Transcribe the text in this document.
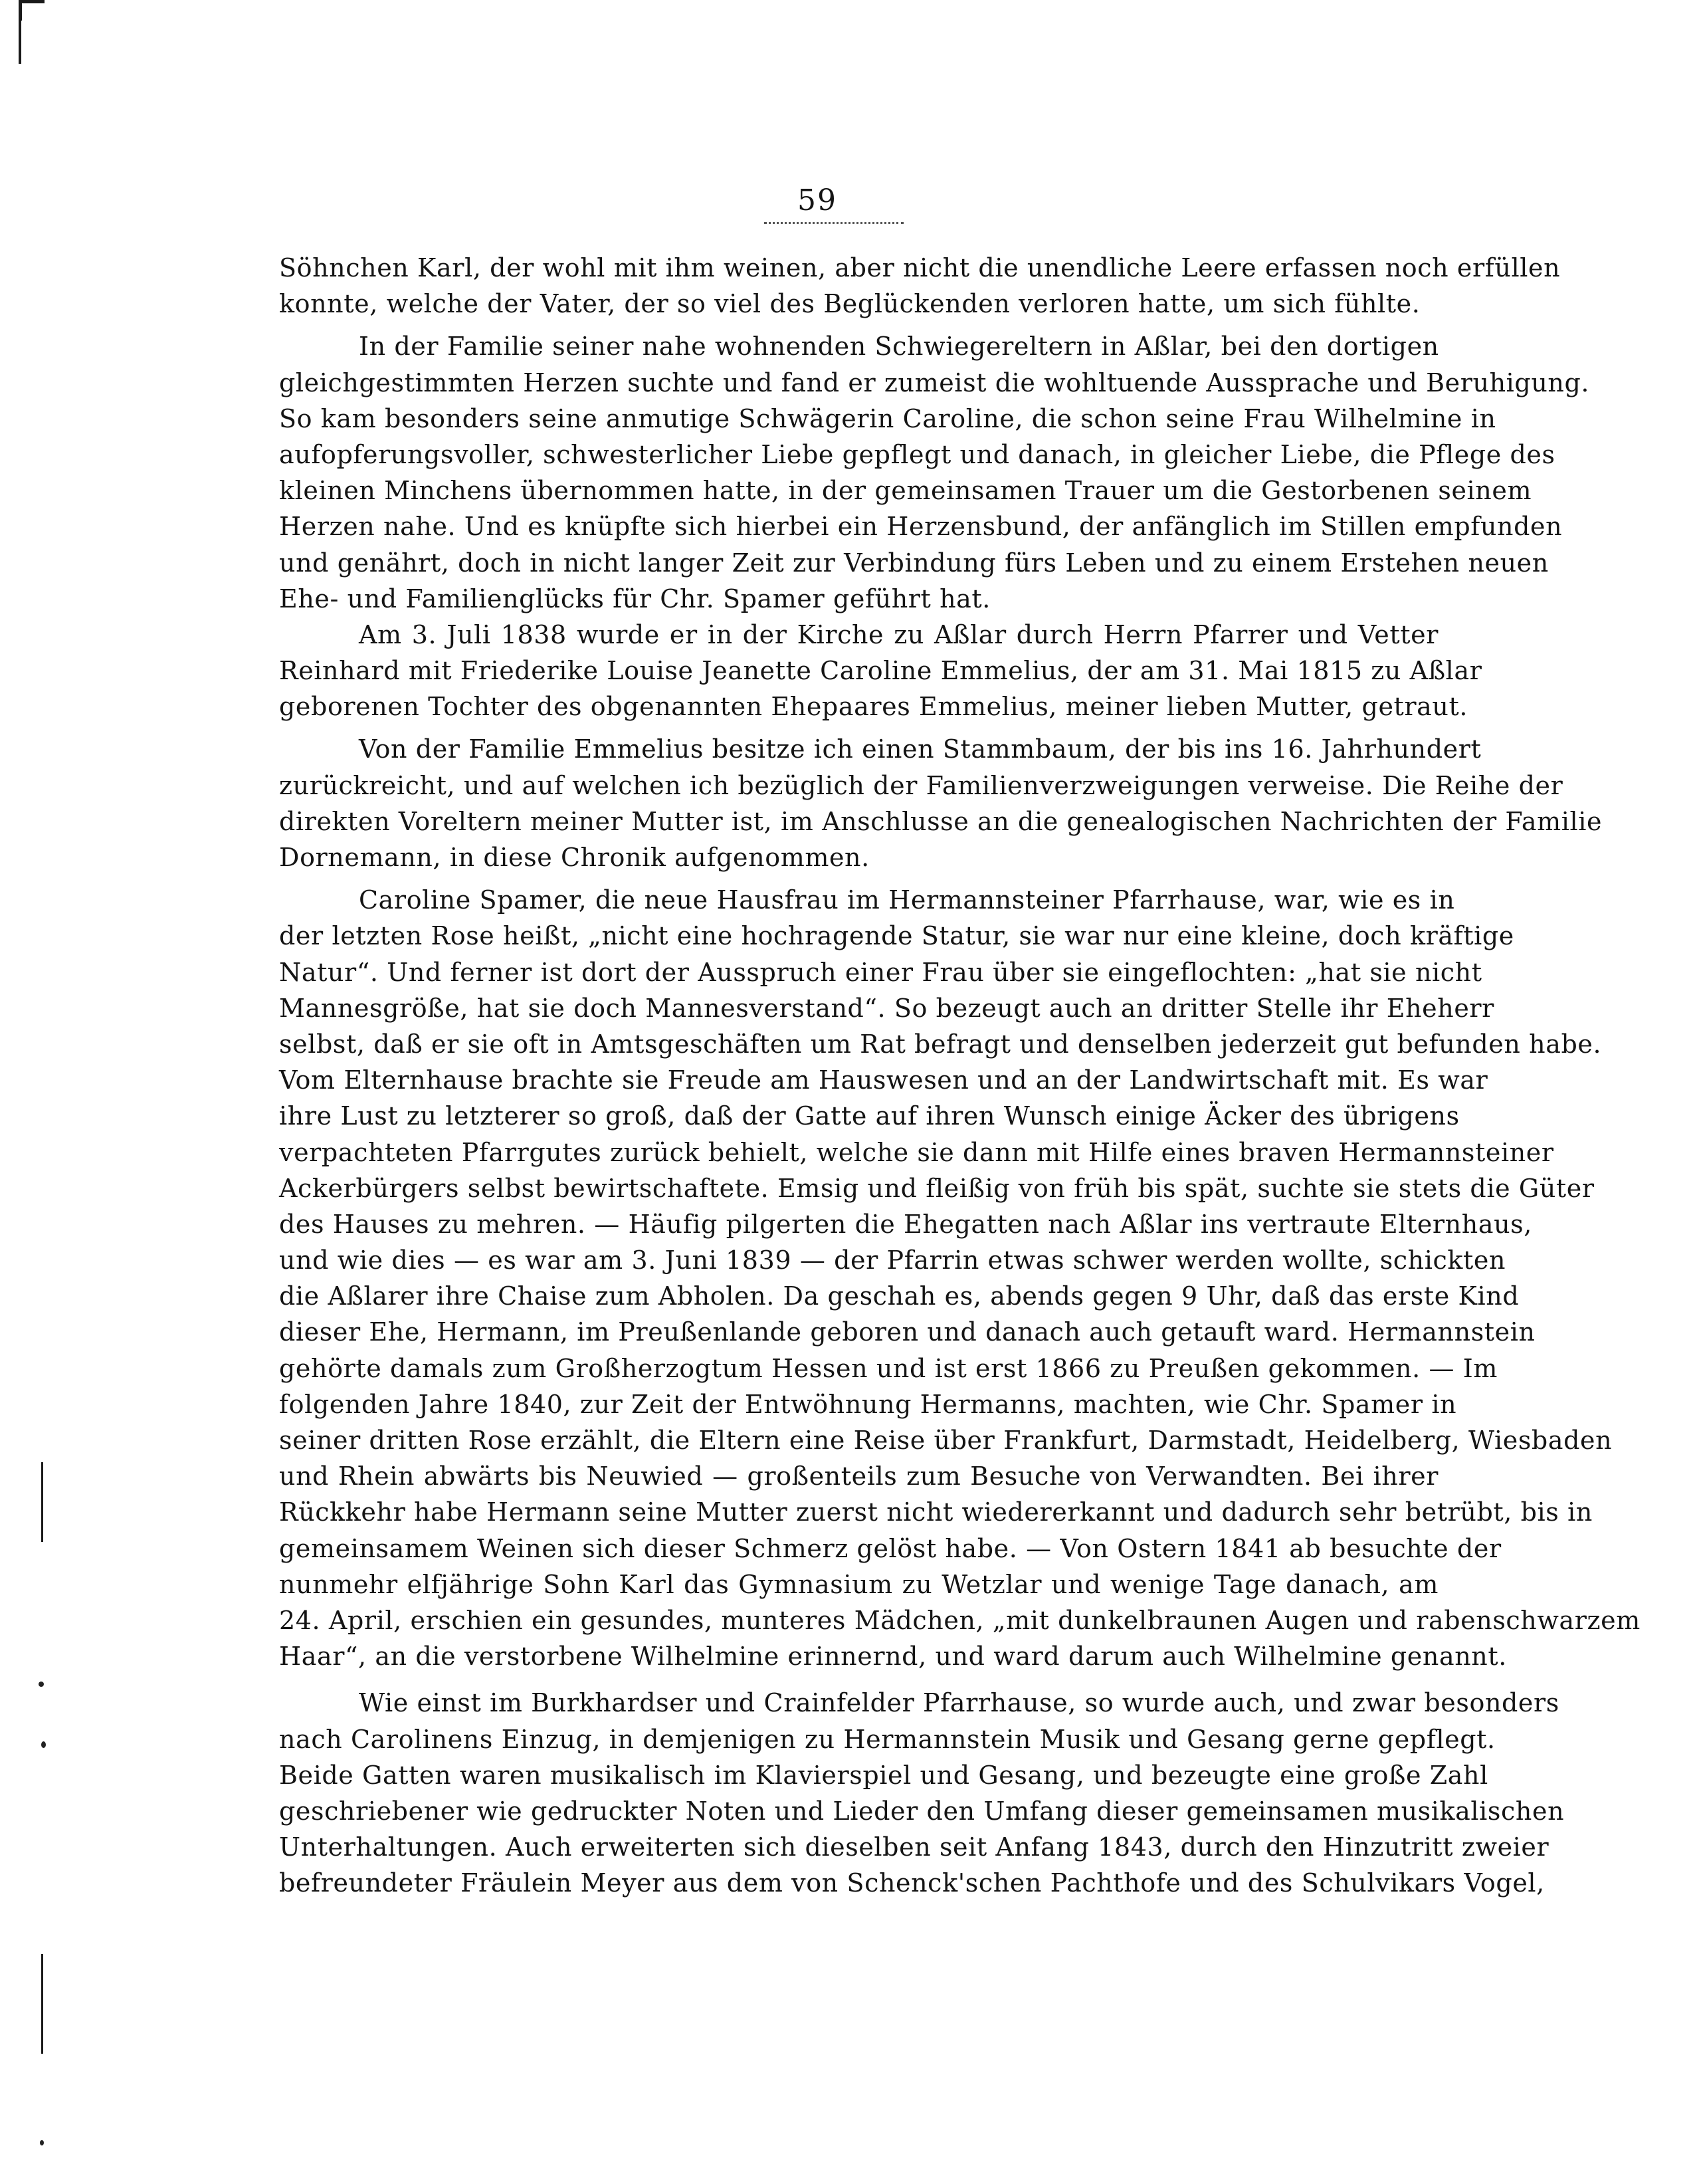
59
Söhnchen Karl, der wohl mit ihm weinen, aber nicht die unendliche Leere erfassen noch erfüllen
konnte, welche der Vater, der so viel des Beglückenden verloren hatte, um sich fühlte.
In der Familie seiner nahe wohnenden Schwiegereltern in Aßlar, bei den dortigen
gleichgestimmten Herzen suchte und fand er zumeist die wohltuende Aussprache und Beruhigung.
So kam besonders seine anmutige Schwägerin Caroline, die schon seine Frau Wilhelmine in
aufopferungsvoller, schwesterlicher Liebe gepflegt und danach, in gleicher Liebe, die Pflege des
kleinen Minchens übernommen hatte, in der gemeinsamen Trauer um die Gestorbenen seinem
Herzen nahe. Und es knüpfte sich hierbei ein Herzensbund, der anfänglich im Stillen empfunden
und genährt, doch in nicht langer Zeit zur Verbindung fürs Leben und zu einem Erstehen neuen
Ehe- und Familienglücks für Chr. Spamer geführt hat.
Am 3. Juli 1838 wurde er in der Kirche zu Aßlar durch Herrn Pfarrer und Vetter
Reinhard mit Friederike Louise Jeanette Caroline Emmelius, der am 31. Mai 1815 zu Aßlar
geborenen Tochter des obgenannten Ehepaares Emmelius, meiner lieben Mutter, getraut.
Von der Familie Emmelius besitze ich einen Stammbaum, der bis ins 16. Jahrhundert
zurückreicht, und auf welchen ich bezüglich der Familienverzweigungen verweise. Die Reihe der
direkten Voreltern meiner Mutter ist, im Anschlusse an die genealogischen Nachrichten der Familie
Dornemann, in diese Chronik aufgenommen.
Caroline Spamer, die neue Hausfrau im Hermannsteiner Pfarrhause, war, wie es in
der letzten Rose heißt, „nicht eine hochragende Statur, sie war nur eine kleine, doch kräftige
Natur“. Und ferner ist dort der Ausspruch einer Frau über sie eingeflochten: „hat sie nicht
Mannesgröße, hat sie doch Mannesverstand“. So bezeugt auch an dritter Stelle ihr Eheherr
selbst, daß er sie oft in Amtsgeschäften um Rat befragt und denselben jederzeit gut befunden habe.
Vom Elternhause brachte sie Freude am Hauswesen und an der Landwirtschaft mit. Es war
ihre Lust zu letzterer so groß, daß der Gatte auf ihren Wunsch einige Äcker des übrigens
verpachteten Pfarrgutes zurück behielt, welche sie dann mit Hilfe eines braven Hermannsteiner
Ackerbürgers selbst bewirtschaftete. Emsig und fleißig von früh bis spät, suchte sie stets die Güter
des Hauses zu mehren. — Häufig pilgerten die Ehegatten nach Aßlar ins vertraute Elternhaus,
und wie dies — es war am 3. Juni 1839 — der Pfarrin etwas schwer werden wollte, schickten
die Aßlarer ihre Chaise zum Abholen. Da geschah es, abends gegen 9 Uhr, daß das erste Kind
dieser Ehe, Hermann, im Preußenlande geboren und danach auch getauft ward. Hermannstein
gehörte damals zum Großherzogtum Hessen und ist erst 1866 zu Preußen gekommen. — Im
folgenden Jahre 1840, zur Zeit der Entwöhnung Hermanns, machten, wie Chr. Spamer in
seiner dritten Rose erzählt, die Eltern eine Reise über Frankfurt, Darmstadt, Heidelberg, Wiesbaden
und Rhein abwärts bis Neuwied — großenteils zum Besuche von Verwandten. Bei ihrer
Rückkehr habe Hermann seine Mutter zuerst nicht wiedererkannt und dadurch sehr betrübt, bis in
gemeinsamem Weinen sich dieser Schmerz gelöst habe. — Von Ostern 1841 ab besuchte der
nunmehr elfjährige Sohn Karl das Gymnasium zu Wetzlar und wenige Tage danach, am
24. April, erschien ein gesundes, munteres Mädchen, „mit dunkelbraunen Augen und rabenschwarzem
Haar“, an die verstorbene Wilhelmine erinnernd, und ward darum auch Wilhelmine genannt.
Wie einst im Burkhardser und Crainfelder Pfarrhause, so wurde auch, und zwar besonders
nach Carolinens Einzug, in demjenigen zu Hermannstein Musik und Gesang gerne gepflegt.
Beide Gatten waren musikalisch im Klavierspiel und Gesang, und bezeugte eine große Zahl
geschriebener wie gedruckter Noten und Lieder den Umfang dieser gemeinsamen musikalischen
Unterhaltungen. Auch erweiterten sich dieselben seit Anfang 1843, durch den Hinzutritt zweier
befreundeter Fräulein Meyer aus dem von Schenck'schen Pachthofe und des Schulvikars Vogel,
